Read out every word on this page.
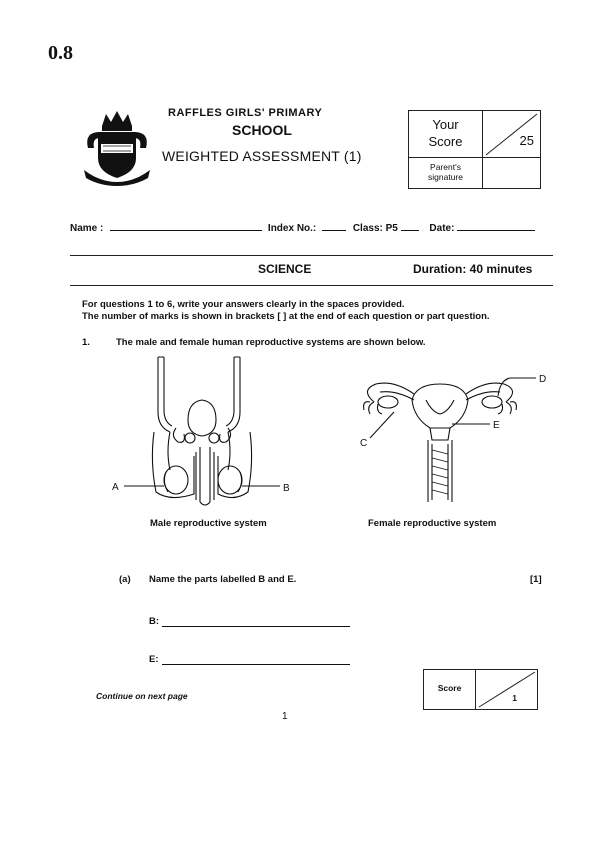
0.8
RAFFLES GIRLS' PRIMARY
SCHOOL
WEIGHTED ASSESSMENT (1)
Your
Score	25
Parent's
signature
Name :	Index No.:	Class: P5	Date:
SCIENCE	Duration: 40 minutes
For questions 1 to 6, write your answers clearly in the spaces provided.
The number of marks is shown in brackets [ ] at the end of each question or part question.
1.	The male and female human reproductive systems are shown below.
A	B
D
E
C
Male reproductive system	Female reproductive system
(a) Name the parts labelled B and E.	[1]
B:
E:
Continue on next page
1
Score
1
